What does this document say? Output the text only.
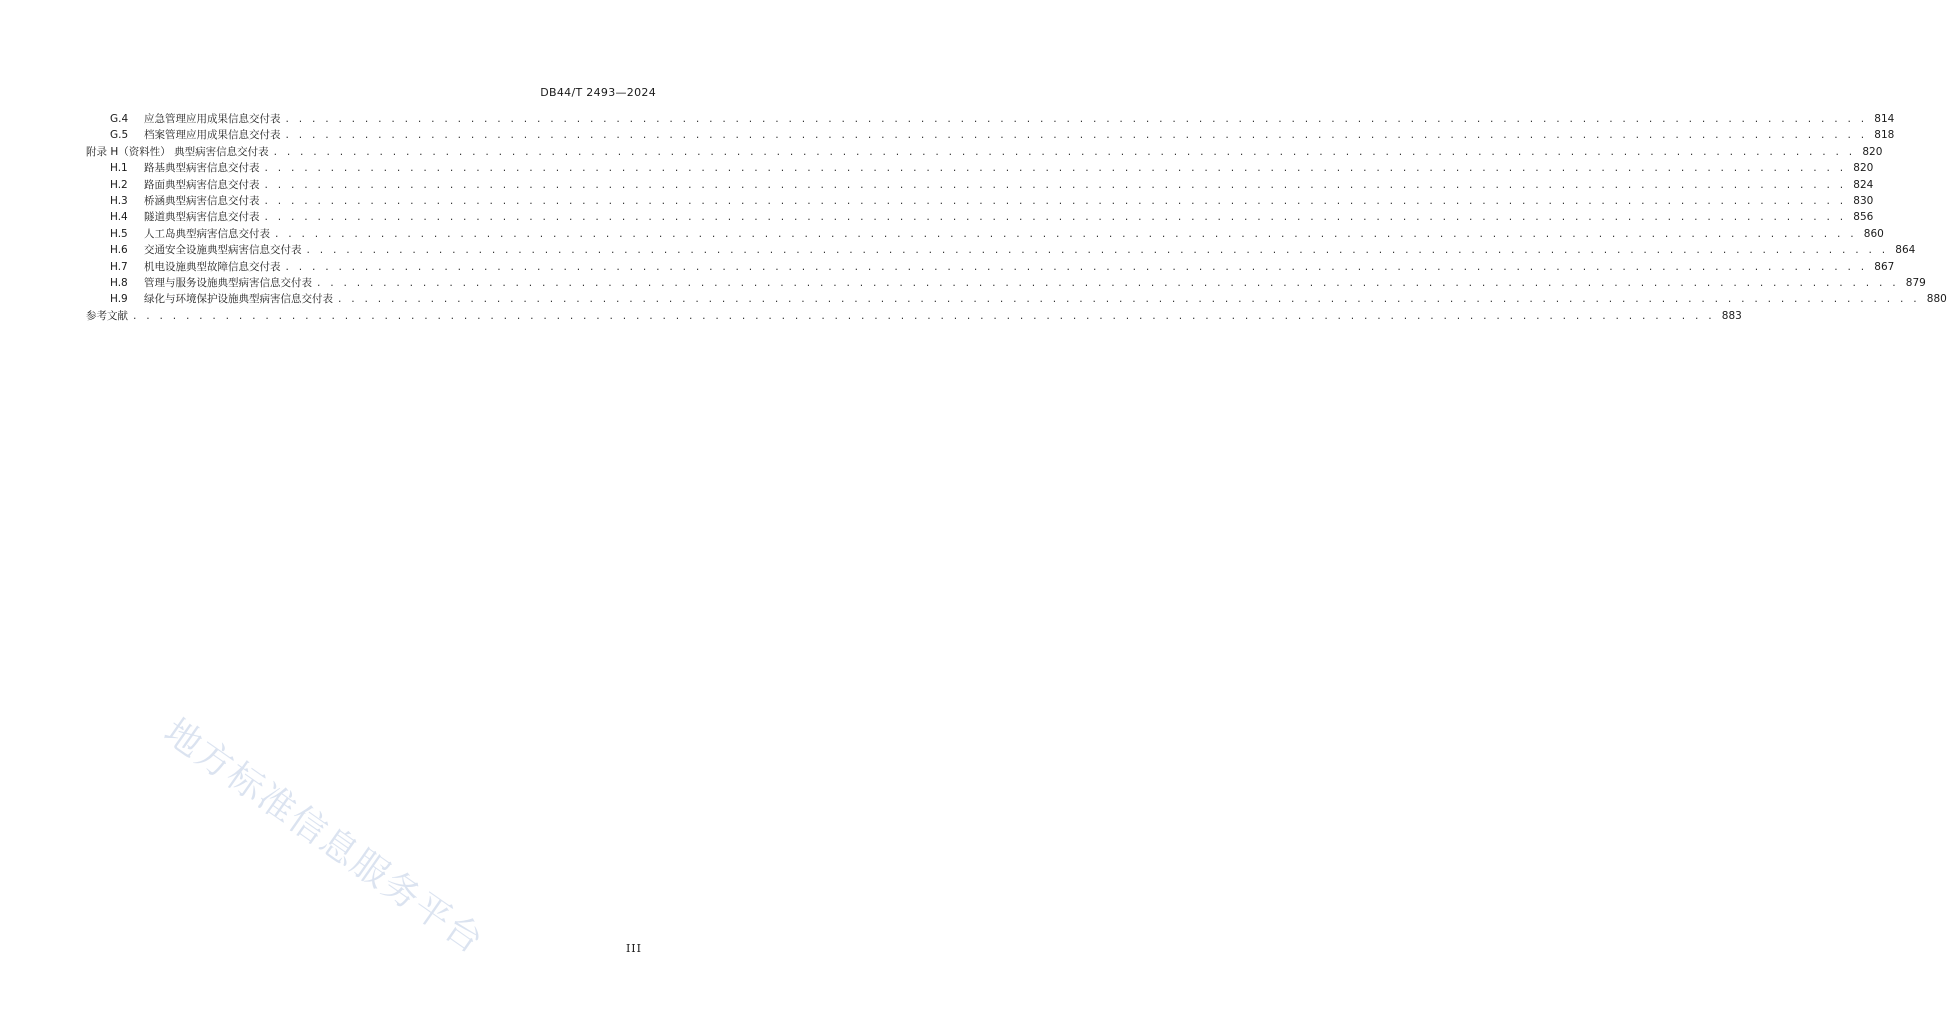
DB44/T 2493—2024
G.4	应急管理应用成果信息交付表 . . . . . . . . . . . . . . . . . . . . . . . . . . . . . . . . . . . . . . . . . . . . . . . . . . . . . . . . . . . . . . . . . . . . . . . . . . . . . . . . . . . . . . . . . . . . . . . . . . . . . . . . . . . . . . . . . . . . . . . . 814
G.5	档案管理应用成果信息交付表 . . . . . . . . . . . . . . . . . . . . . . . . . . . . . . . . . . . . . . . . . . . . . . . . . . . . . . . . . . . . . . . . . . . . . . . . . . . . . . . . . . . . . . . . . . . . . . . . . . . . . . . . . . . . . . . . . . . . . . . . 818
附录 H（资料性） 典型病害信息交付表 . . . . . . . . . . . . . . . . . . . . . . . . . . . . . . . . . . . . . . . . . . . . . . . . . . . . . . . . . . . . . . . . . . . . . . . . . . . . . . . . . . . . . . . . . . . . . . . . . . . . . . . . . . . . . . . . . . . . . . . . 820
H.1	路基典型病害信息交付表 . . . . . . . . . . . . . . . . . . . . . . . . . . . . . . . . . . . . . . . . . . . . . . . . . . . . . . . . . . . . . . . . . . . . . . . . . . . . . . . . . . . . . . . . . . . . . . . . . . . . . . . . . . . . . . . . . . . . . . . . 820
H.2	路面典型病害信息交付表 . . . . . . . . . . . . . . . . . . . . . . . . . . . . . . . . . . . . . . . . . . . . . . . . . . . . . . . . . . . . . . . . . . . . . . . . . . . . . . . . . . . . . . . . . . . . . . . . . . . . . . . . . . . . . . . . . . . . . . . . 824
H.3	桥涵典型病害信息交付表 . . . . . . . . . . . . . . . . . . . . . . . . . . . . . . . . . . . . . . . . . . . . . . . . . . . . . . . . . . . . . . . . . . . . . . . . . . . . . . . . . . . . . . . . . . . . . . . . . . . . . . . . . . . . . . . . . . . . . . . . 830
H.4	隧道典型病害信息交付表 . . . . . . . . . . . . . . . . . . . . . . . . . . . . . . . . . . . . . . . . . . . . . . . . . . . . . . . . . . . . . . . . . . . . . . . . . . . . . . . . . . . . . . . . . . . . . . . . . . . . . . . . . . . . . . . . . . . . . . . . 856
H.5	人工岛典型病害信息交付表 . . . . . . . . . . . . . . . . . . . . . . . . . . . . . . . . . . . . . . . . . . . . . . . . . . . . . . . . . . . . . . . . . . . . . . . . . . . . . . . . . . . . . . . . . . . . . . . . . . . . . . . . . . . . . . . . . . . . . . . . 860
H.6	交通安全设施典型病害信息交付表 . . . . . . . . . . . . . . . . . . . . . . . . . . . . . . . . . . . . . . . . . . . . . . . . . . . . . . . . . . . . . . . . . . . . . . . . . . . . . . . . . . . . . . . . . . . . . . . . . . . . . . . . . . . . . . . . . . . . . . . . 864
H.7	机电设施典型故障信息交付表 . . . . . . . . . . . . . . . . . . . . . . . . . . . . . . . . . . . . . . . . . . . . . . . . . . . . . . . . . . . . . . . . . . . . . . . . . . . . . . . . . . . . . . . . . . . . . . . . . . . . . . . . . . . . . . . . . . . . . . . . 867
H.8	管理与服务设施典型病害信息交付表 . . . . . . . . . . . . . . . . . . . . . . . . . . . . . . . . . . . . . . . . . . . . . . . . . . . . . . . . . . . . . . . . . . . . . . . . . . . . . . . . . . . . . . . . . . . . . . . . . . . . . . . . . . . . . . . . . . . . . . . . 879
H.9	绿化与环境保护设施典型病害信息交付表 . . . . . . . . . . . . . . . . . . . . . . . . . . . . . . . . . . . . . . . . . . . . . . . . . . . . . . . . . . . . . . . . . . . . . . . . . . . . . . . . . . . . . . . . . . . . . . . . . . . . . . . . . . . . . . . . . . . . . . . . 880
参考文献 . . . . . . . . . . . . . . . . . . . . . . . . . . . . . . . . . . . . . . . . . . . . . . . . . . . . . . . . . . . . . . . . . . . . . . . . . . . . . . . . . . . . . . . . . . . . . . . . . . . . . . . . . . . . . . . . . . . . . . . . 883
地方标准信息服务平台	III
